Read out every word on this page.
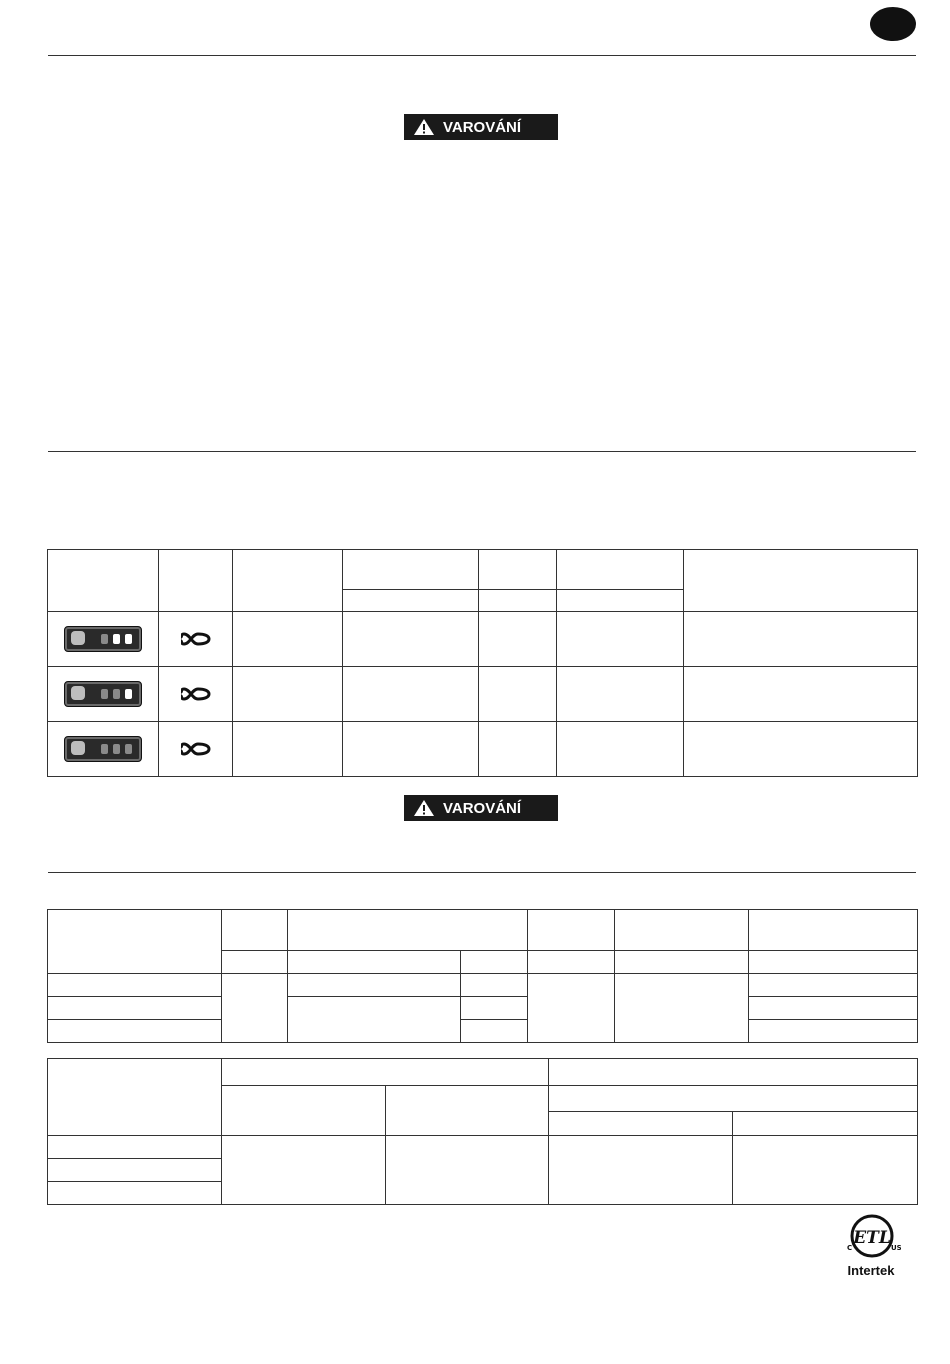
VAROVÁNÍ

VAROVÁNÍ

ETL
C	US
Intertek
